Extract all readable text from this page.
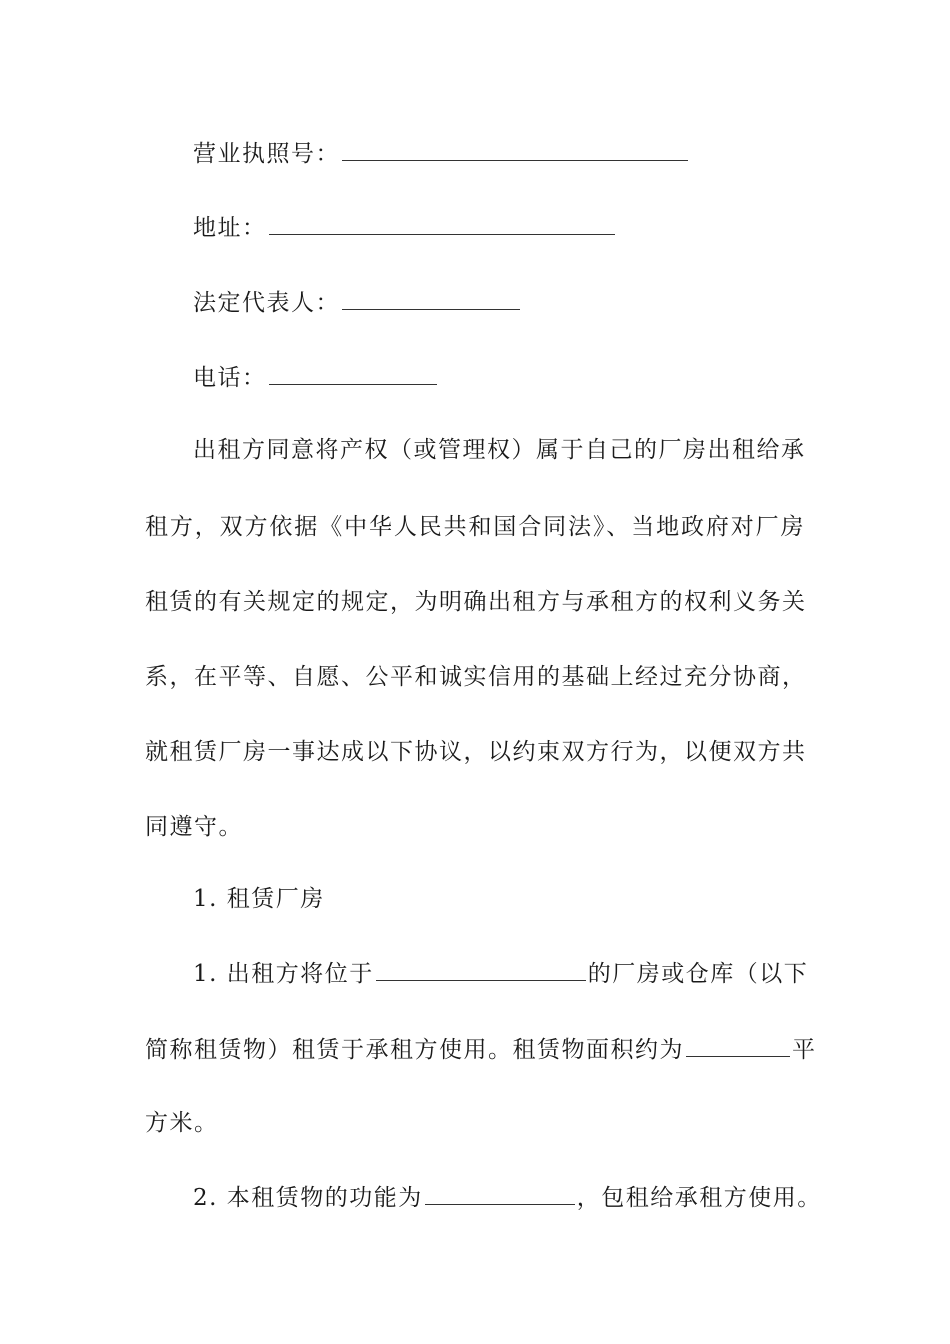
营业执照号：
地址：
法定代表人：
电话：
出租方同意将产权（或管理权）属于自己的厂房出租给承
租方，双方依据《中华人民共和国合同法》、当地政府对厂房
租赁的有关规定的规定，为明确出租方与承租方的权利义务关
系，在平等、自愿、公平和诚实信用的基础上经过充分协商，
就租赁厂房一事达成以下协议，以约束双方行为，以便双方共
同遵守。
1. 租赁厂房
1. 出租方将位于	的厂房或仓库（以下
简称租赁物）租赁于承租方使用。租赁物面积约为	平
方米。
2. 本租赁物的功能为	，包租给承租方使用。
